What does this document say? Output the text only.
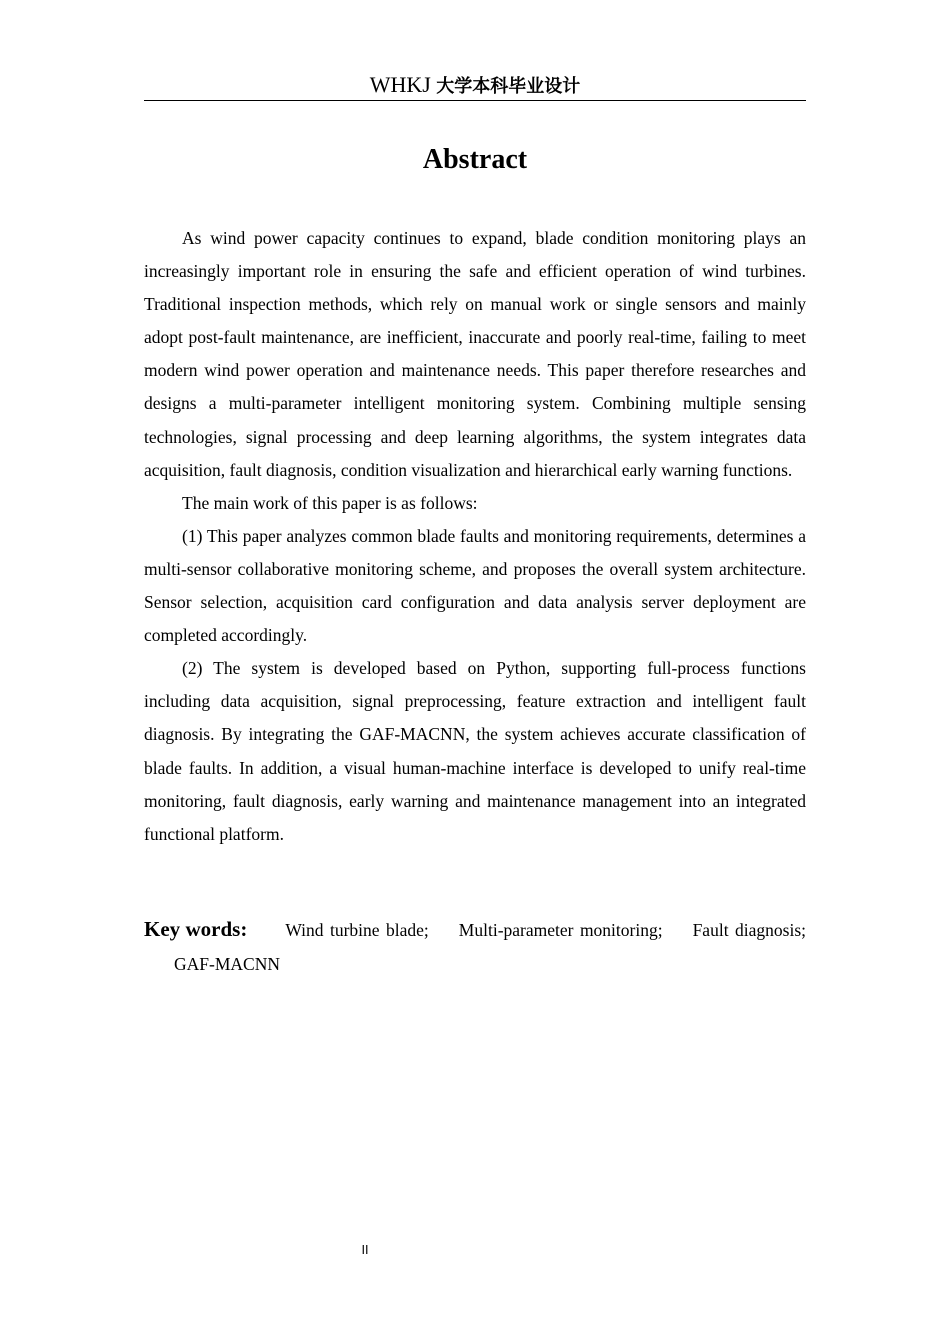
WHKJ 大学本科毕业设计
Abstract

As wind power capacity continues to expand, blade condition monitoring plays an increasingly important role in ensuring the safe and efficient operation of wind turbines. Traditional inspection methods, which rely on manual work or single sensors and mainly adopt post-fault maintenance, are inefficient, inaccurate and poorly real-time, failing to meet modern wind power operation and maintenance needs. This paper therefore researches and designs a multi-parameter intelligent monitoring system. Combining multiple sensing technologies, signal processing and deep learning algorithms, the system integrates data acquisition, fault diagnosis, condition visualization and hierarchical early warning functions.

The main work of this paper is as follows:

(1) This paper analyzes common blade faults and monitoring requirements, determines a multi-sensor collaborative monitoring scheme, and proposes the overall system architecture. Sensor selection, acquisition card configuration and data analysis server deployment are completed accordingly.

(2) The system is developed based on Python, supporting full-process functions including data acquisition, signal preprocessing, feature extraction and intelligent fault diagnosis. By integrating the GAF-MACNN, the system achieves accurate classification of blade faults. In addition, a visual human-machine interface is developed to unify real-time monitoring, fault diagnosis, early warning and maintenance management into an integrated functional platform.

Key words: Wind turbine blade; Multi-parameter monitoring; Fault diagnosis;GAF-MACNN
II
